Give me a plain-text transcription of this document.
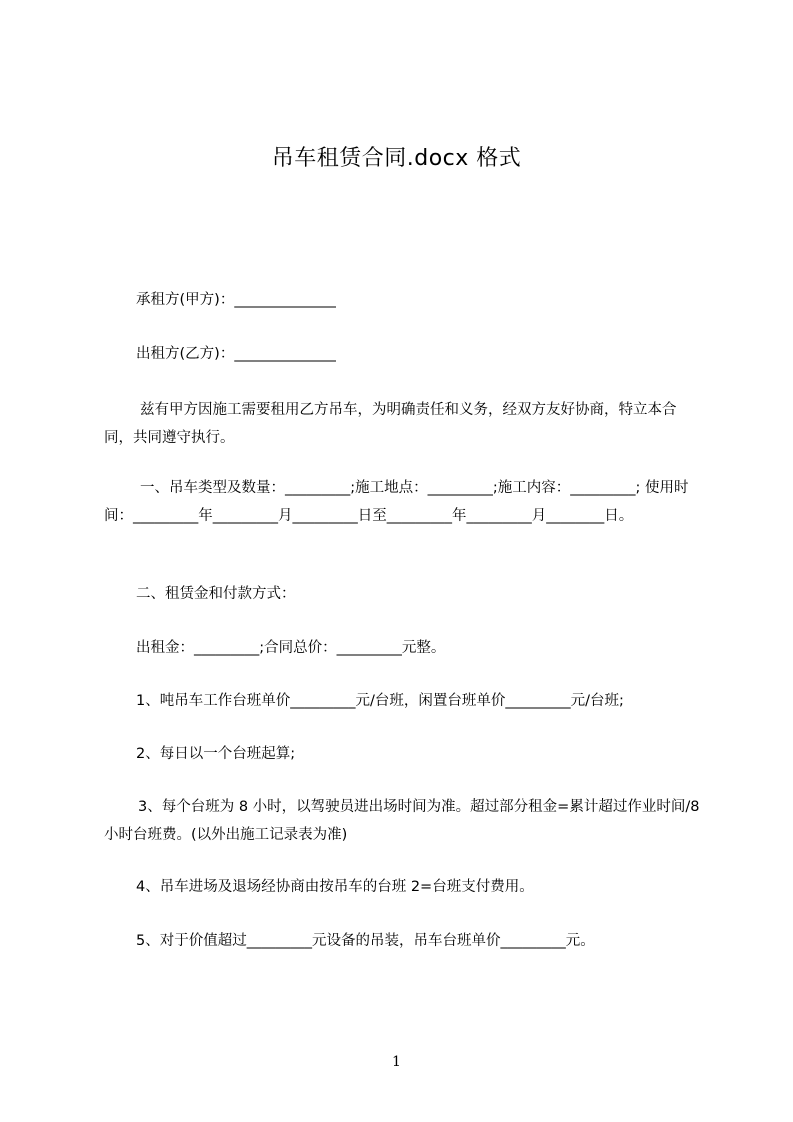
吊车租赁合同.docx 格式

承租方(甲方)：______________

出租方(乙方)：______________

兹有甲方因施工需要租用乙方吊车，为明确责任和义务，经双方友好协商，特立本合同，共同遵守执行。

一、吊车类型及数量：_________;施工地点：_________;施工内容：_________; 使用时间：_________年_________月_________日至_________年_________月________日。

二、租赁金和付款方式：

出租金：_________;合同总价：_________元整。

1、吨吊车工作台班单价_________元/台班，闲置台班单价_________元/台班;

2、每日以一个台班起算;

3、每个台班为 8 小时，以驾驶员进出场时间为准。超过部分租金=累计超过作业时间/8 小时台班费。(以外出施工记录表为准)

4、吊车进场及退场经协商由按吊车的台班 2=台班支付费用。

5、对于价值超过_________元设备的吊装，吊车台班单价_________元。

1
